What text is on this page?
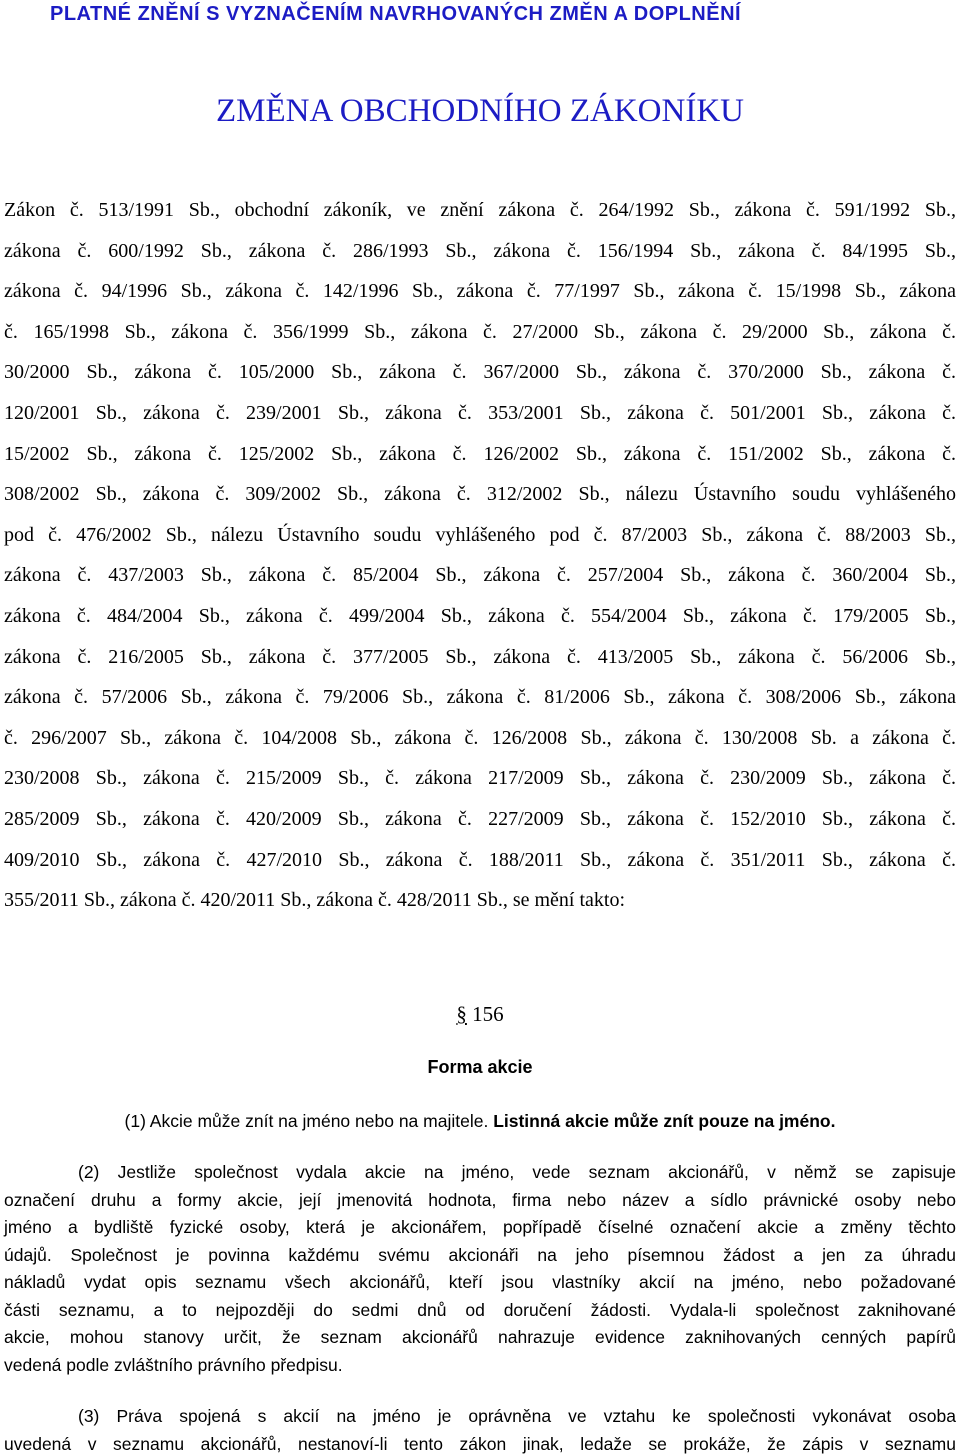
PLATNÉ ZNĚNÍ S VYZNAČENÍM NAVRHOVANÝCH ZMĚN A DOPLNĚNÍ
ZMĚNA OBCHODNÍHO ZÁKONÍKU
Zákon č. 513/1991 Sb., obchodní zákoník, ve znění zákona č. 264/1992 Sb., zákona č. 591/1992 Sb.,
zákona č. 600/1992 Sb., zákona č. 286/1993 Sb., zákona č. 156/1994 Sb., zákona č. 84/1995 Sb.,
zákona č. 94/1996 Sb., zákona č. 142/1996 Sb., zákona č. 77/1997 Sb., zákona č. 15/1998 Sb., zákona
č. 165/1998 Sb., zákona č. 356/1999 Sb., zákona č. 27/2000 Sb., zákona č. 29/2000 Sb., zákona č.
30/2000 Sb., zákona č. 105/2000 Sb., zákona č. 367/2000 Sb., zákona č. 370/2000 Sb., zákona č.
120/2001 Sb., zákona č. 239/2001 Sb., zákona č. 353/2001 Sb., zákona č. 501/2001 Sb., zákona č.
15/2002 Sb., zákona č. 125/2002 Sb., zákona č. 126/2002 Sb., zákona č. 151/2002 Sb., zákona č.
308/2002 Sb., zákona č. 309/2002 Sb., zákona č. 312/2002 Sb., nálezu Ústavního soudu vyhlášeného
pod č. 476/2002 Sb., nálezu Ústavního soudu vyhlášeného pod č. 87/2003 Sb., zákona č. 88/2003 Sb.,
zákona č. 437/2003 Sb., zákona č. 85/2004 Sb., zákona č. 257/2004 Sb., zákona č. 360/2004 Sb.,
zákona č. 484/2004 Sb., zákona č. 499/2004 Sb., zákona č. 554/2004 Sb., zákona č. 179/2005 Sb.,
zákona č. 216/2005 Sb., zákona č. 377/2005 Sb., zákona č. 413/2005 Sb., zákona č. 56/2006 Sb.,
zákona č. 57/2006 Sb., zákona č. 79/2006 Sb., zákona č. 81/2006 Sb., zákona č. 308/2006 Sb., zákona
č. 296/2007 Sb., zákona č. 104/2008 Sb., zákona č. 126/2008 Sb., zákona č. 130/2008 Sb. a zákona č.
230/2008 Sb., zákona č. 215/2009 Sb., č. zákona 217/2009 Sb., zákona č. 230/2009 Sb., zákona č.
285/2009 Sb., zákona č. 420/2009 Sb., zákona č. 227/2009 Sb., zákona č. 152/2010 Sb., zákona č.
409/2010 Sb., zákona č. 427/2010 Sb., zákona č. 188/2011 Sb., zákona č. 351/2011 Sb., zákona č.
355/2011 Sb., zákona č. 420/2011 Sb., zákona č. 428/2011 Sb., se mění takto:
§ 156
Forma akcie
(1) Akcie může znít na jméno nebo na majitele. Listinná akcie může znít pouze na jméno.
(2) Jestliže společnost vydala akcie na jméno, vede seznam akcionářů, v němž se zapisuje
označení druhu a formy akcie, její jmenovitá hodnota, firma nebo název a sídlo právnické osoby nebo
jméno a bydliště fyzické osoby, která je akcionářem, popřípadě číselné označení akcie a změny těchto
údajů. Společnost je povinna každému svému akcionáři na jeho písemnou žádost a jen za úhradu
nákladů vydat opis seznamu všech akcionářů, kteří jsou vlastníky akcií na jméno, nebo požadované
části seznamu, a to nejpozději do sedmi dnů od doručení žádosti. Vydala-li společnost zaknihované
akcie, mohou stanovy určit, že seznam akcionářů nahrazuje evidence zaknihovaných cenných papírů
vedená podle zvláštního právního předpisu.
(3) Práva spojená s akcií na jméno je oprávněna ve vztahu ke společnosti vykonávat osoba
uvedená v seznamu akcionářů, nestanoví-li tento zákon jinak, ledaže se prokáže, že zápis v seznamu
